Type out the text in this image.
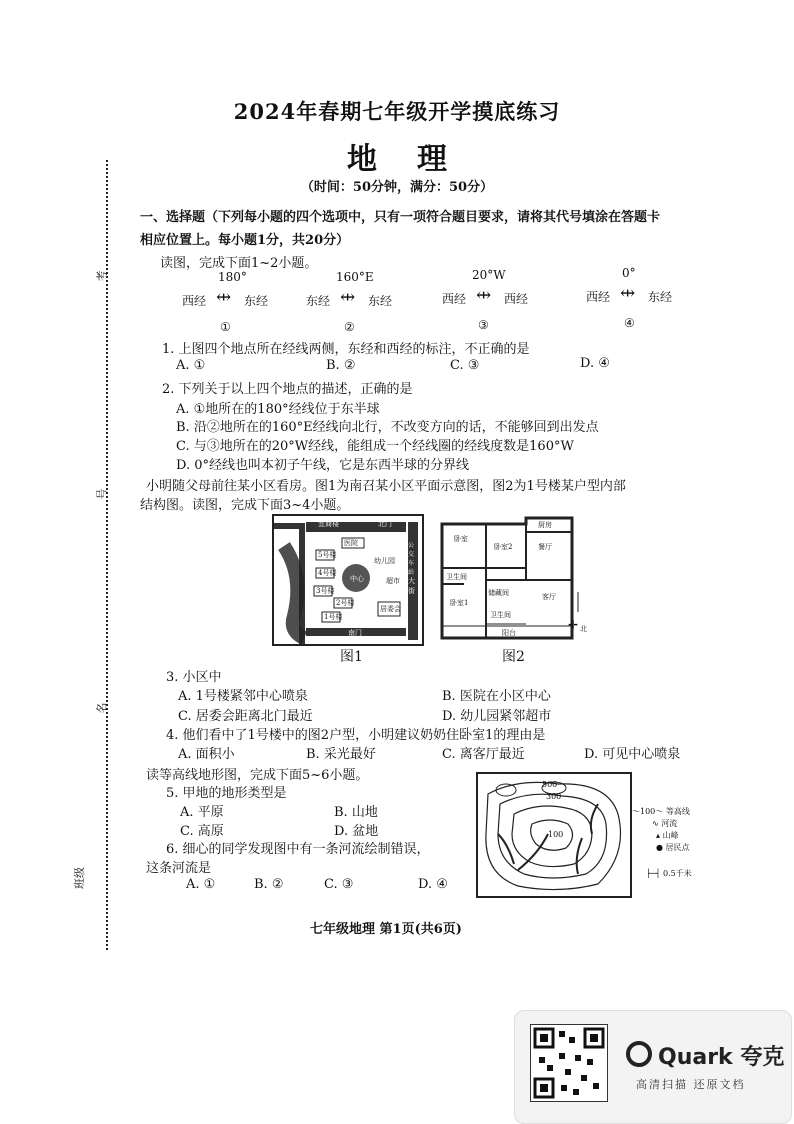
考
号
名
班级
2024年春期七年级开学摸底练习
地理
（时间：50分钟，满分：50分）
一、选择题（下列每小题的四个选项中，只有一项符合题目要求，请将其代号填涂在答题卡
相应位置上。每小题1分，共20分）
读图，完成下面1~2小题。
180°
西经 ⇹ 东经
①
160°E
东经 ⇹ 东经
②
20°W
西经 ⇹ 西经
③
0°
西经 ⇹ 东经
④
1. 上图四个地点所在经线两侧，东经和西经的标注，不正确的是
A. ①	B. ②	C. ③	D. ④
2. 下列关于以上四个地点的描述，正确的是
A. ①地所在的180°经线位于东半球
B. 沿②地所在的160°E经线向北行，不改变方向的话，不能够回到出发点
C. 与③地所在的20°W经线，能组成一个经线圈的经线度数是160°W
D. 0°经线也叫本初子午线，它是东西半球的分界线
小明随父母前往某小区看房。图1为南召某小区平面示意图，图2为1号楼某户型内部
结构图。读图，完成下面3~4小题。
宜商楼	北门
医院
5号楼
4号楼
3号楼
2号楼
1号楼
居委会
幼儿园
中心
南门
大街
超市
公交车站
图1
厨房
卧室
卧室2	餐厅
卫生间
储藏间	客厅
卧室1
卫生间
阳台
✛ 北
图2
3. 小区中
A. 1号楼紧邻中心喷泉	B. 医院在小区中心
C. 居委会距离北门最近	D. 幼儿园紧邻超市
4. 他们看中了1号楼中的图2户型，小明建议奶奶住卧室1的理由是
A. 面积小	B. 采光最好	C. 离客厅最近	D. 可见中心喷泉
读等高线地形图，完成下面5~6小题。
5. 甲地的地形类型是
A. 平原	B. 山地
C. 高原	D. 盆地
6. 细心的同学发现图中有一条河流绘制错误，
这条河流是
A. ①	B. ②	C. ③	D. ④
300
100
500
〜100〜 等高线
∿ 河流
▴ 山峰
● 居民点
├─┤ 0.5千米
七年级地理 第1页(共6页)
Quark 夸克
高清扫描 还原文档
